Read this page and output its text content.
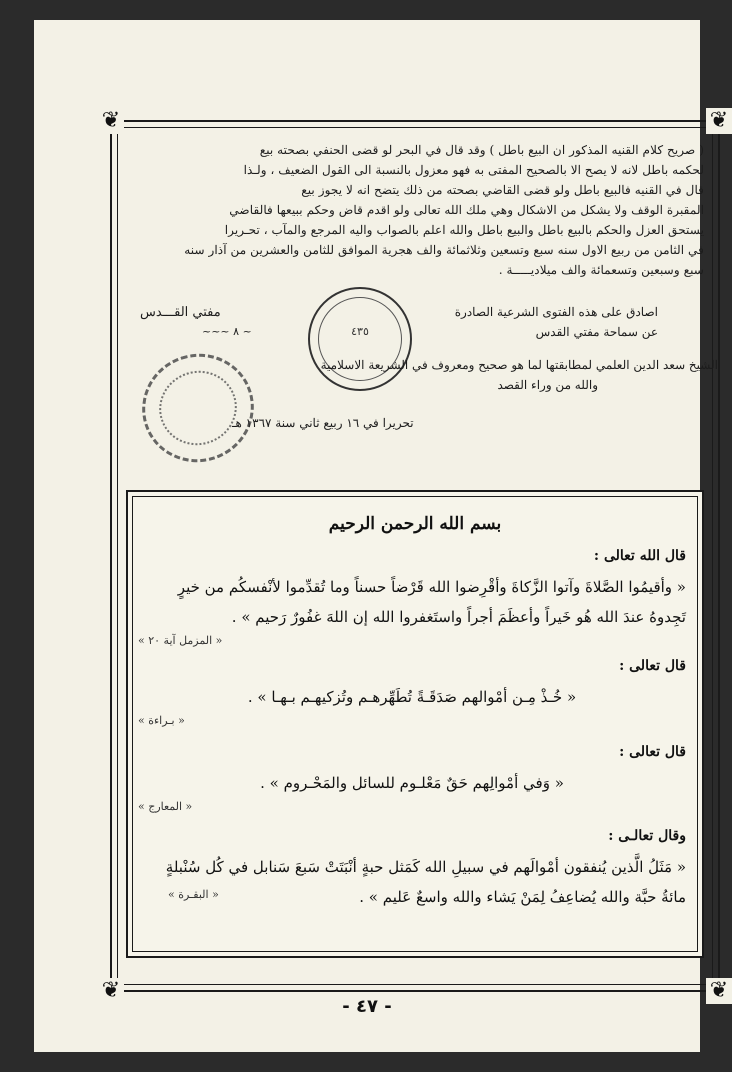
❦	❦
❦	❦

( صريح كلام القنيه المذكور ان البيع باطل ) وقد قال في البحر لو قضى الحنفي بصحته بيع

لحكمه باطل لانه لا يصح الا بالصحيح المفتى به فهو معزول بالنسبة الى القول الضعيف ، ولـذا

قال في القنيه فالبيع باطل ولو قضى القاضي بصحته من ذلك يتضح انه لا يجوز بيع

المقبرة الوقف ولا يشكل من الاشكال وهي ملك الله تعالى ولو اقدم قاض وحكم ببيعها فالقاضي

يستحق العزل والحكم بالبيع باطل والبيع باطل والله اعلم بالصواب واليه المرجع والمآب ، تحـريرا

في الثامن من ربيع الاول سنه سبع وتسعين وثلاثمائة والف هجرية الموافق للثامن والعشرين من آذار سنه

سبع وسبعين وتسعمائة والف ميلاديـــــة .

٤٣٥
اصادق على هذه الفتوى الشرعية الصادرة
عن سماحة مفتي القدس
مفتي القـــدس
~ ٨ ~~~
الشيخ سعد الدين العلمي لمطابقتها لما هو صحيح ومعروف في الشريعة الاسلامية
والله من وراء القصد
تحريرا في ١٦ ربيع ثاني سنة ١٣٦٧ هـ
بسم الله الرحمن الرحيم

قال الله تعالى :

« وأقيمُوا الصَّلاةَ وآتوا الزَّكاةَ وأقْرِضوا الله قَرْضاً حسناً وما تُقدِّموا لأنْفسكُم من خيرٍ تَجِدوهُ عندَ الله هُو خَيراً وأعظَمَ أجراً واستَغفروا الله إن اللهَ غفُورٌ رَحيم » .

« المزمل آية ٢٠ »

قال تعالى :

« خُـذْ مِـن أمْوالهم صَدَقَـةً تُطَهِّرهـم وتُزكيهـم بـهـا » .

« بـراءة »

قال تعالى :

« وَفي أمْوالِهم حَقٌ مَعْلـوم للسائل والمَحْـروم » .

« المعارج »

وقال تعالـى :

« مَثَلُ الَّذين يُنفقون أمْوالَهم في سبيلِ الله كَمَثل حبةٍ أنْبَتَتْ سَبعَ سَنابل في كُل سُنْبلةٍ مائةُ حبَّة والله يُضاعِفُ لِمَنْ يَشاء والله واسعٌ عَليم » .

« البقـرة »
- ٤٧ -
